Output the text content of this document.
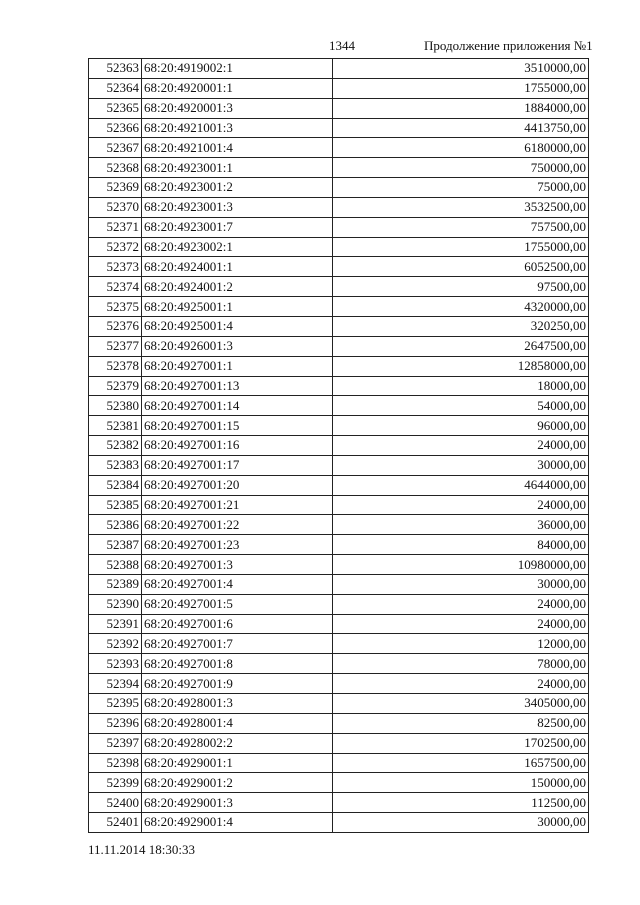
1344	Продолжение приложения №1
52363	68:20:4919002:1	3510000,00
52364	68:20:4920001:1	1755000,00
52365	68:20:4920001:3	1884000,00
52366	68:20:4921001:3	4413750,00
52367	68:20:4921001:4	6180000,00
52368	68:20:4923001:1	750000,00
52369	68:20:4923001:2	75000,00
52370	68:20:4923001:3	3532500,00
52371	68:20:4923001:7	757500,00
52372	68:20:4923002:1	1755000,00
52373	68:20:4924001:1	6052500,00
52374	68:20:4924001:2	97500,00
52375	68:20:4925001:1	4320000,00
52376	68:20:4925001:4	320250,00
52377	68:20:4926001:3	2647500,00
52378	68:20:4927001:1	12858000,00
52379	68:20:4927001:13	18000,00
52380	68:20:4927001:14	54000,00
52381	68:20:4927001:15	96000,00
52382	68:20:4927001:16	24000,00
52383	68:20:4927001:17	30000,00
52384	68:20:4927001:20	4644000,00
52385	68:20:4927001:21	24000,00
52386	68:20:4927001:22	36000,00
52387	68:20:4927001:23	84000,00
52388	68:20:4927001:3	10980000,00
52389	68:20:4927001:4	30000,00
52390	68:20:4927001:5	24000,00
52391	68:20:4927001:6	24000,00
52392	68:20:4927001:7	12000,00
52393	68:20:4927001:8	78000,00
52394	68:20:4927001:9	24000,00
52395	68:20:4928001:3	3405000,00
52396	68:20:4928001:4	82500,00
52397	68:20:4928002:2	1702500,00
52398	68:20:4929001:1	1657500,00
52399	68:20:4929001:2	150000,00
52400	68:20:4929001:3	112500,00
52401	68:20:4929001:4	30000,00
11.11.2014 18:30:33
